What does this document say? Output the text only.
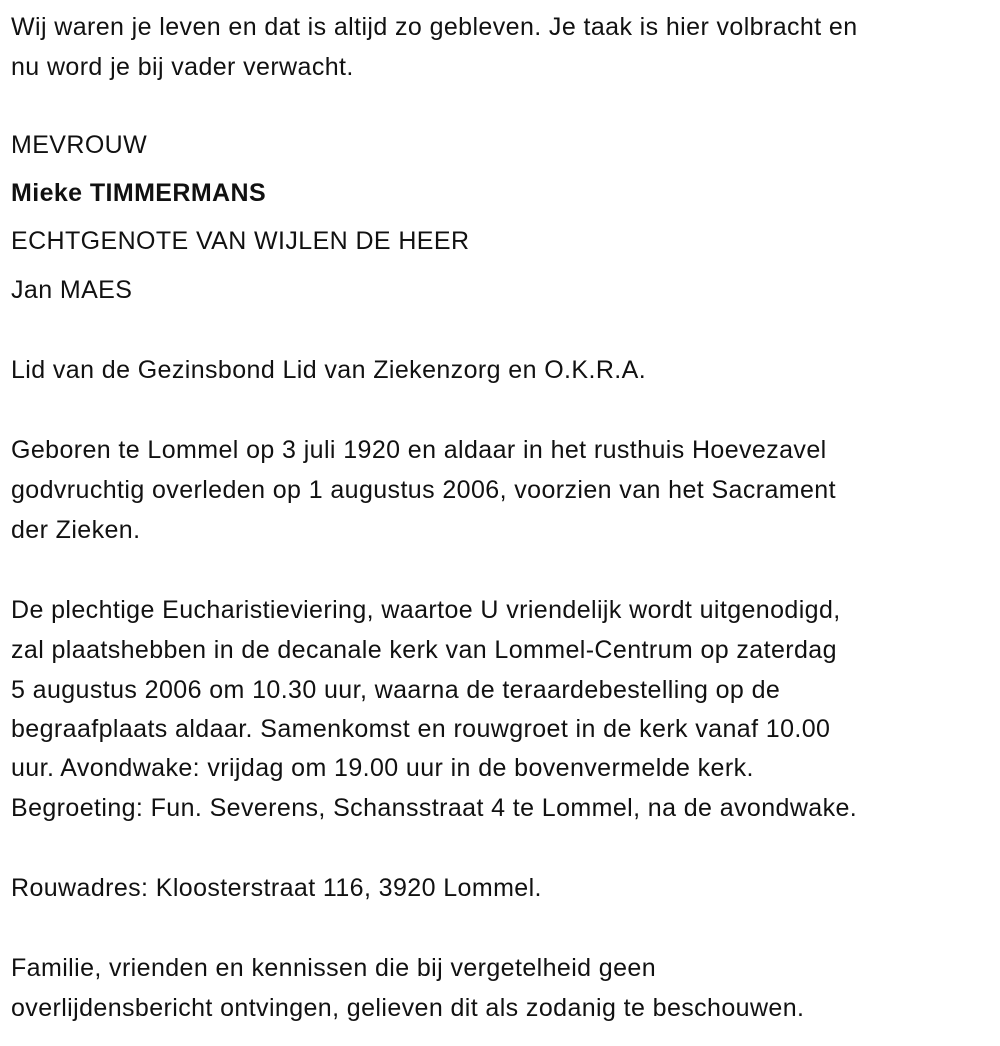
Wij waren je leven en dat is altijd zo gebleven. Je taak is hier volbracht en
nu word je bij vader verwacht.
MEVROUW
Mieke TIMMERMANS
ECHTGENOTE VAN WIJLEN DE HEER
Jan MAES
Lid van de Gezinsbond Lid van Ziekenzorg en O.K.R.A.
Geboren te Lommel op 3 juli 1920 en aldaar in het rusthuis Hoevezavel
godvruchtig overleden op 1 augustus 2006, voorzien van het Sacrament
der Zieken.
De plechtige Eucharistieviering, waartoe U vriendelijk wordt uitgenodigd,
zal plaatshebben in de decanale kerk van Lommel-Centrum op zaterdag
5 augustus 2006 om 10.30 uur, waarna de teraardebestelling op de
begraafplaats aldaar. Samenkomst en rouwgroet in de kerk vanaf 10.00
uur. Avondwake: vrijdag om 19.00 uur in de bovenvermelde kerk.
Begroeting: Fun. Severens, Schansstraat 4 te Lommel, na de avondwake.
Rouwadres: Kloosterstraat 116, 3920 Lommel.
Familie, vrienden en kennissen die bij vergetelheid geen
overlijdensbericht ontvingen, gelieven dit als zodanig te beschouwen.
